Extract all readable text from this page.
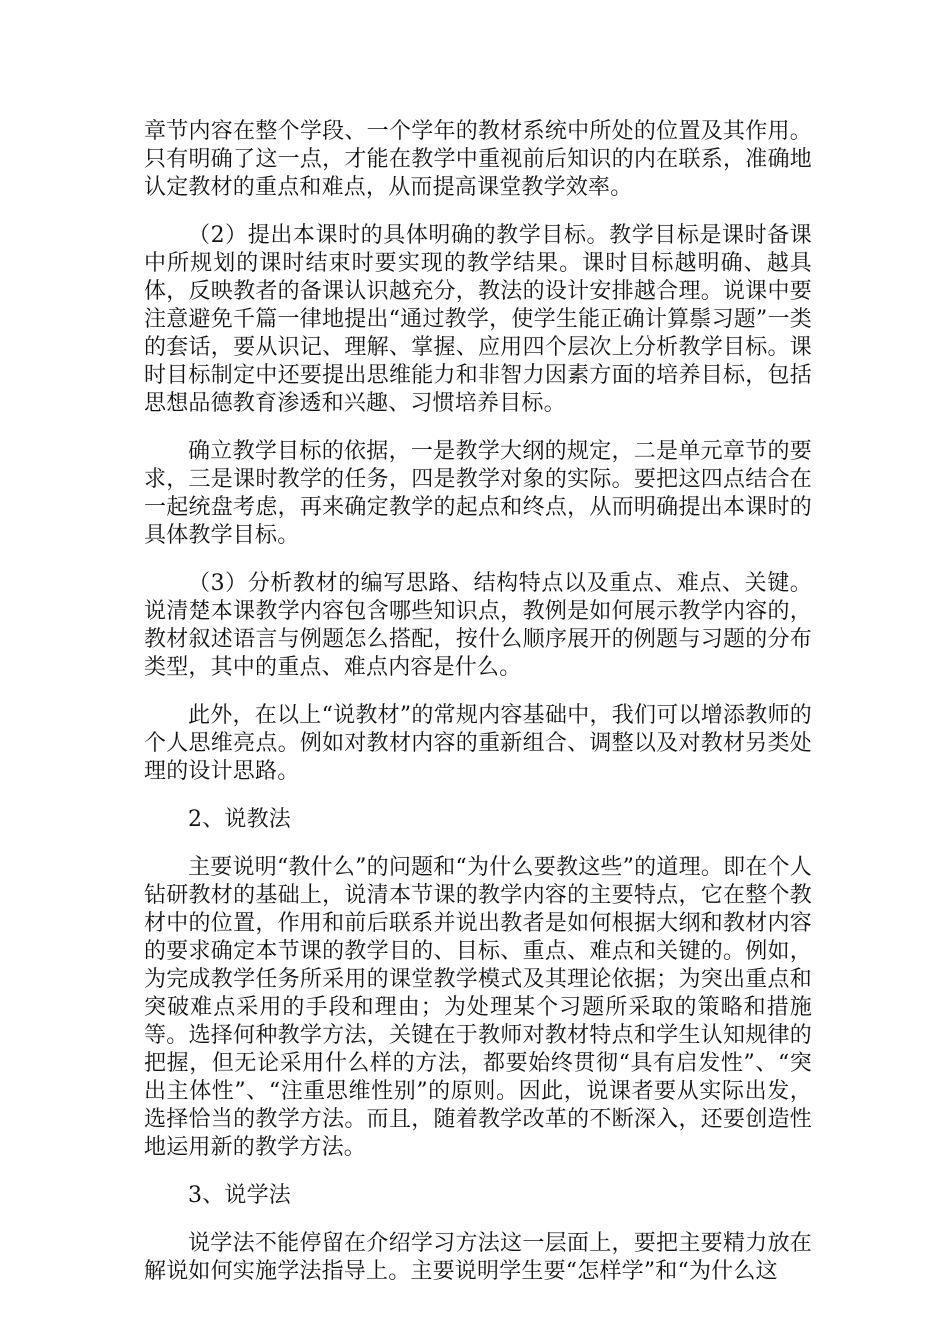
章节内容在整个学段、一个学年的教材系统中所处的位置及其作用。只有明确了这一点，才能在教学中重视前后知识的内在联系，准确地认定教材的重点和难点，从而提高课堂教学效率。

（2）提出本课时的具体明确的教学目标。教学目标是课时备课中所规划的课时结束时要实现的教学结果。课时目标越明确、越具体，反映教者的备课认识越充分，教法的设计安排越合理。说课中要注意避免千篇一律地提出“通过教学，使学生能正确计算鬃习题”一类的套话，要从识记、理解、掌握、应用四个层次上分析教学目标。课时目标制定中还要提出思维能力和非智力因素方面的培养目标，包括思想品德教育渗透和兴趣、习惯培养目标。

确立教学目标的依据，一是教学大纲的规定，二是单元章节的要求，三是课时教学的任务，四是教学对象的实际。要把这四点结合在一起统盘考虑，再来确定教学的起点和终点，从而明确提出本课时的具体教学目标。

（3）分析教材的编写思路、结构特点以及重点、难点、关键。说清楚本课教学内容包含哪些知识点，教例是如何展示教学内容的，教材叙述语言与例题怎么搭配，按什么顺序展开的例题与习题的分布类型，其中的重点、难点内容是什么。

此外，在以上“说教材”的常规内容基础中，我们可以增添教师的个人思维亮点。例如对教材内容的重新组合、调整以及对教材另类处理的设计思路。

2、说教法

主要说明“教什么”的问题和“为什么要教这些”的道理。即在个人钻研教材的基础上，说清本节课的教学内容的主要特点，它在整个教材中的位置，作用和前后联系并说出教者是如何根据大纲和教材内容的要求确定本节课的教学目的、目标、重点、难点和关键的。例如，为完成教学任务所采用的课堂教学模式及其理论依据；为突出重点和突破难点采用的手段和理由；为处理某个习题所采取的策略和措施等。选择何种教学方法，关键在于教师对教材特点和学生认知规律的把握，但无论采用什么样的方法，都要始终贯彻“具有启发性”、“突出主体性”、“注重思维性别”的原则。因此，说课者要从实际出发，选择恰当的教学方法。而且，随着教学改革的不断深入，还要创造性地运用新的教学方法。

3、说学法

说学法不能停留在介绍学习方法这一层面上，要把主要精力放在解说如何实施学法指导上。主要说明学生要“怎样学”和“为什么这
